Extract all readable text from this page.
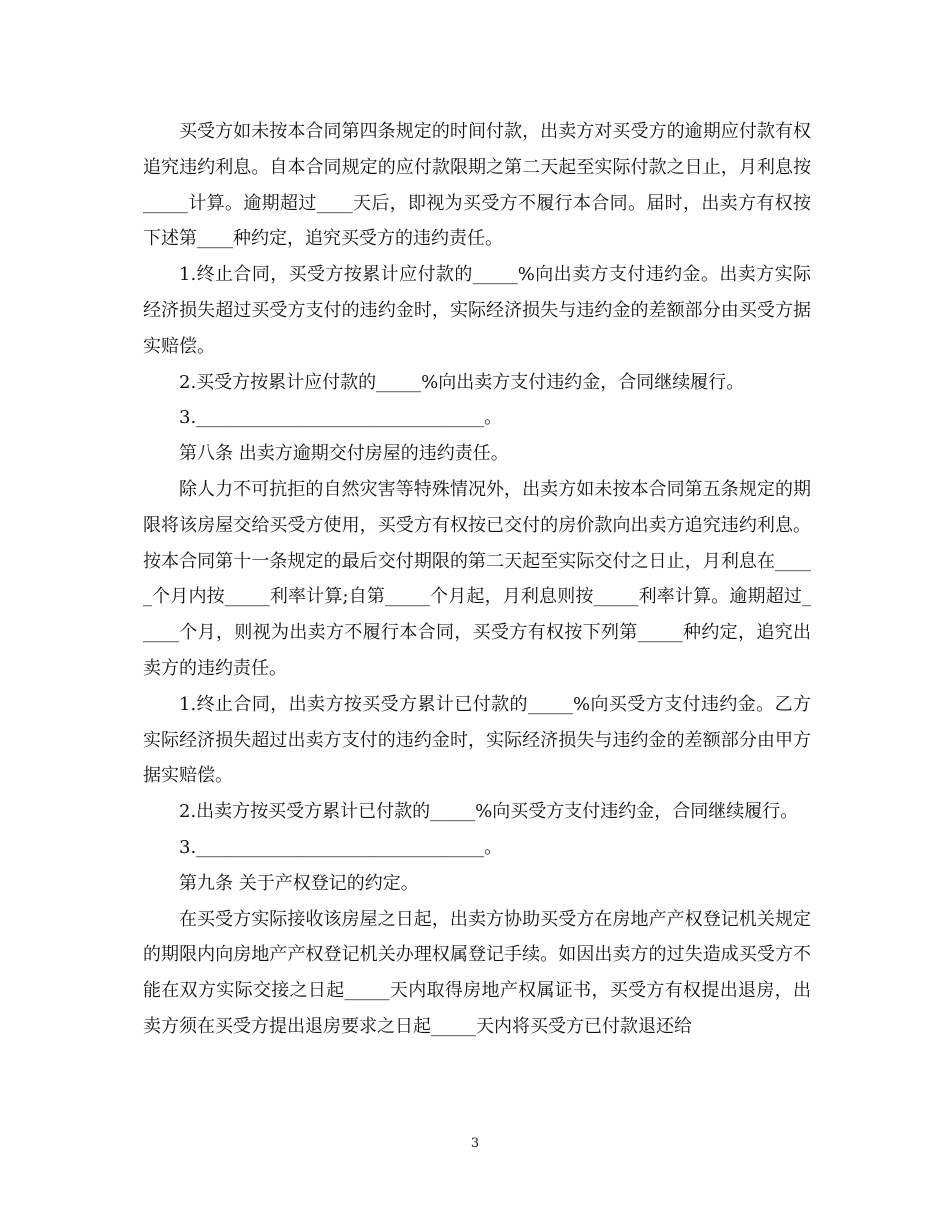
买受方如未按本合同第四条规定的时间付款，出卖方对买受方的逾期应付款有权追究违约利息。自本合同规定的应付款限期之第二天起至实际付款之日止，月利息按_____计算。逾期超过____天后，即视为买受方不履行本合同。届时，出卖方有权按下述第____种约定，追究买受方的违约责任。

1.终止合同，买受方按累计应付款的_____%向出卖方支付违约金。出卖方实际经济损失超过买受方支付的违约金时，实际经济损失与违约金的差额部分由买受方据实赔偿。

2.买受方按累计应付款的_____%向出卖方支付违约金，合同继续履行。

3.________________________________。

第八条 出卖方逾期交付房屋的违约责任。

除人力不可抗拒的自然灾害等特殊情况外，出卖方如未按本合同第五条规定的期限将该房屋交给买受方使用，买受方有权按已交付的房价款向出卖方追究违约利息。按本合同第十一条规定的最后交付期限的第二天起至实际交付之日止，月利息在_____个月内按_____利率计算;自第_____个月起，月利息则按_____利率计算。逾期超过_____个月，则视为出卖方不履行本合同，买受方有权按下列第_____种约定，追究出卖方的违约责任。

1.终止合同，出卖方按买受方累计已付款的_____%向买受方支付违约金。乙方实际经济损失超过出卖方支付的违约金时，实际经济损失与违约金的差额部分由甲方据实赔偿。

2.出卖方按买受方累计已付款的_____%向买受方支付违约金，合同继续履行。

3.________________________________。

第九条 关于产权登记的约定。

在买受方实际接收该房屋之日起，出卖方协助买受方在房地产产权登记机关规定的期限内向房地产产权登记机关办理权属登记手续。如因出卖方的过失造成买受方不能在双方实际交接之日起_____天内取得房地产权属证书，买受方有权提出退房，出卖方须在买受方提出退房要求之日起_____天内将买受方已付款退还给

3
